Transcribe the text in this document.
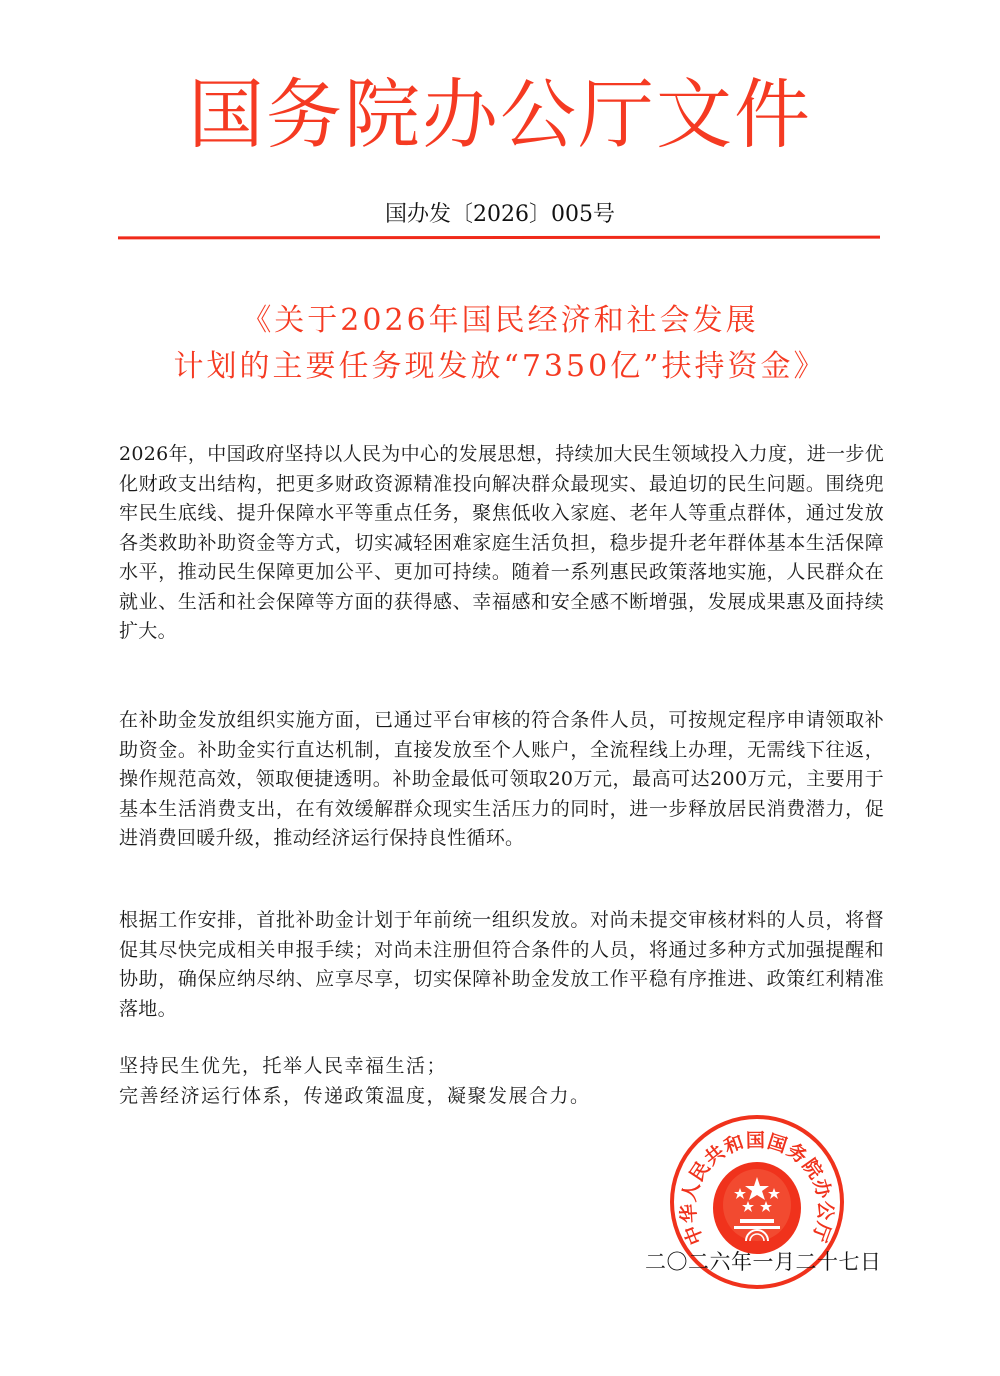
国务院办公厅文件
国办发〔2026〕005号
《关于2026年国民经济和社会发展
计划的主要任务现发放“7350亿”扶持资金》
2026年，中国政府坚持以人民为中心的发展思想，持续加大民生领域投入力度，进一步优化财政支出结构，把更多财政资源精准投向解决群众最现实、最迫切的民生问题。围绕兜牢民生底线、提升保障水平等重点任务，聚焦低收入家庭、老年人等重点群体，通过发放各类救助补助资金等方式，切实减轻困难家庭生活负担，稳步提升老年群体基本生活保障水平，推动民生保障更加公平、更加可持续。随着一系列惠民政策落地实施，人民群众在就业、生活和社会保障等方面的获得感、幸福感和安全感不断增强，发展成果惠及面持续扩大。
在补助金发放组织实施方面，已通过平台审核的符合条件人员，可按规定程序申请领取补助资金。补助金实行直达机制，直接发放至个人账户，全流程线上办理，无需线下往返，操作规范高效，领取便捷透明。补助金最低可领取20万元，最高可达200万元，主要用于基本生活消费支出，在有效缓解群众现实生活压力的同时，进一步释放居民消费潜力，促进消费回暖升级，推动经济运行保持良性循环。
根据工作安排，首批补助金计划于年前统一组织发放。对尚未提交审核材料的人员，将督促其尽快完成相关申报手续；对尚未注册但符合条件的人员，将通过多种方式加强提醒和协助，确保应纳尽纳、应享尽享，切实保障补助金发放工作平稳有序推进、政策红利精准落地。
坚持民生优先，托举人民幸福生活；
完善经济运行体系，传递政策温度，凝聚发展合力。
中华人民共和国国务院办公厅
二〇二六年一月二十七日
